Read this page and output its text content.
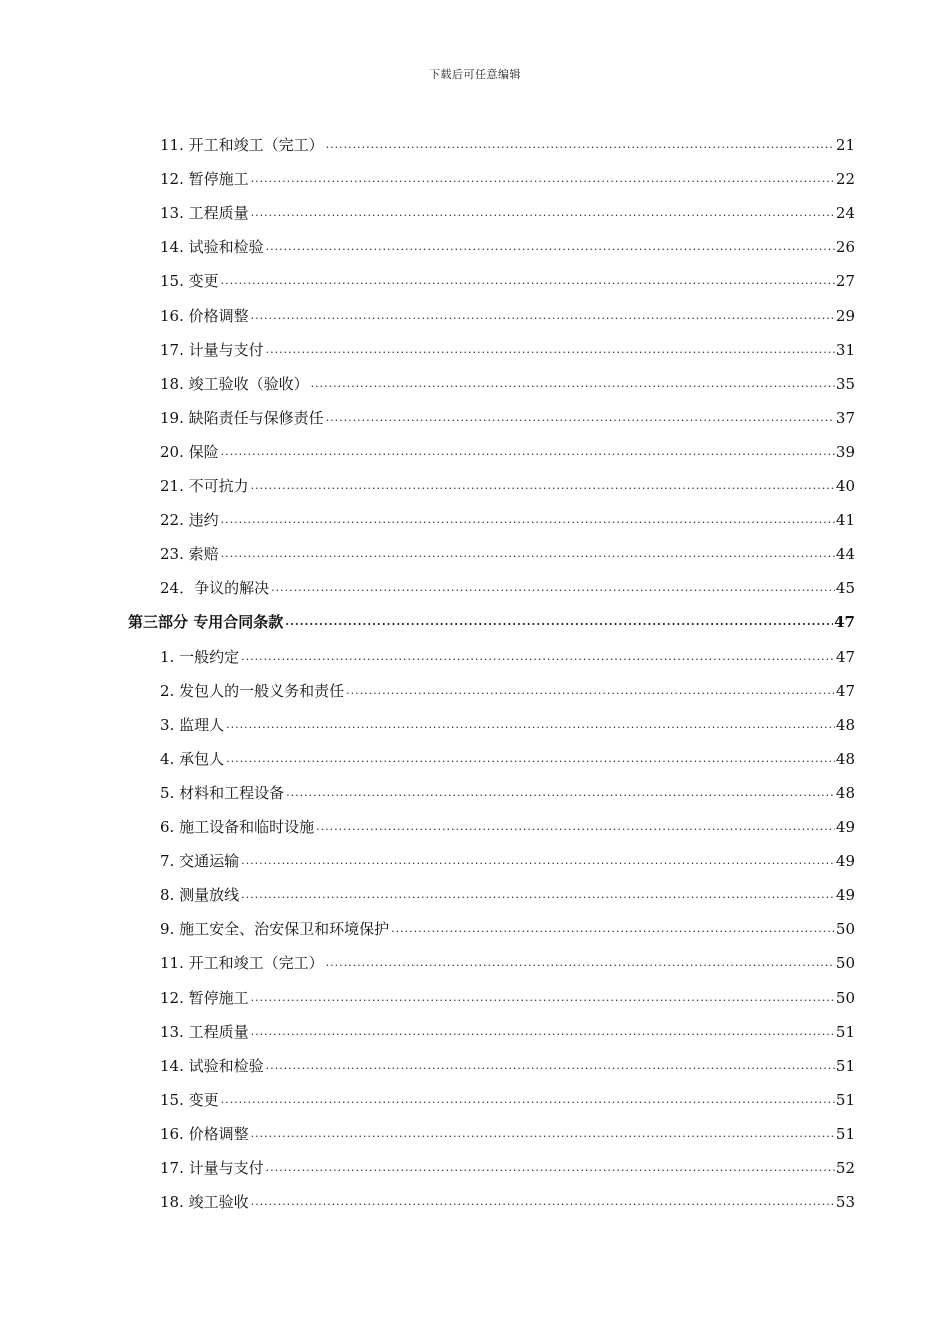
下载后可任意编辑
11. 开工和竣工（完工） .....	21
12. 暂停施工 .....	22
13. 工程质量 .....	24
14. 试验和检验 .....	26
15. 变更 .....	27
16. 价格调整 .....	29
17. 计量与支付 .....	31
18. 竣工验收（验收） .....	35
19. 缺陷责任与保修责任 .....	37
20. 保险 .....	39
21. 不可抗力 .....	40
22. 违约 .....	41
23. 索赔 .....	44
24．争议的解决 .....	45
第三部分 专用合同条款 .....	47
1. 一般约定 .....	47
2. 发包人的一般义务和责任 .....	47
3. 监理人 .....	48
4. 承包人 .....	48
5. 材料和工程设备 .....	48
6. 施工设备和临时设施 .....	49
7. 交通运输 .....	49
8. 测量放线 .....	49
9. 施工安全、治安保卫和环境保护 .....	50
11. 开工和竣工（完工） .....	50
12. 暂停施工 .....	50
13. 工程质量 .....	51
14. 试验和检验 .....	51
15. 变更 .....	51
16. 价格调整 .....	51
17. 计量与支付 .....	52
18. 竣工验收 .....	53
